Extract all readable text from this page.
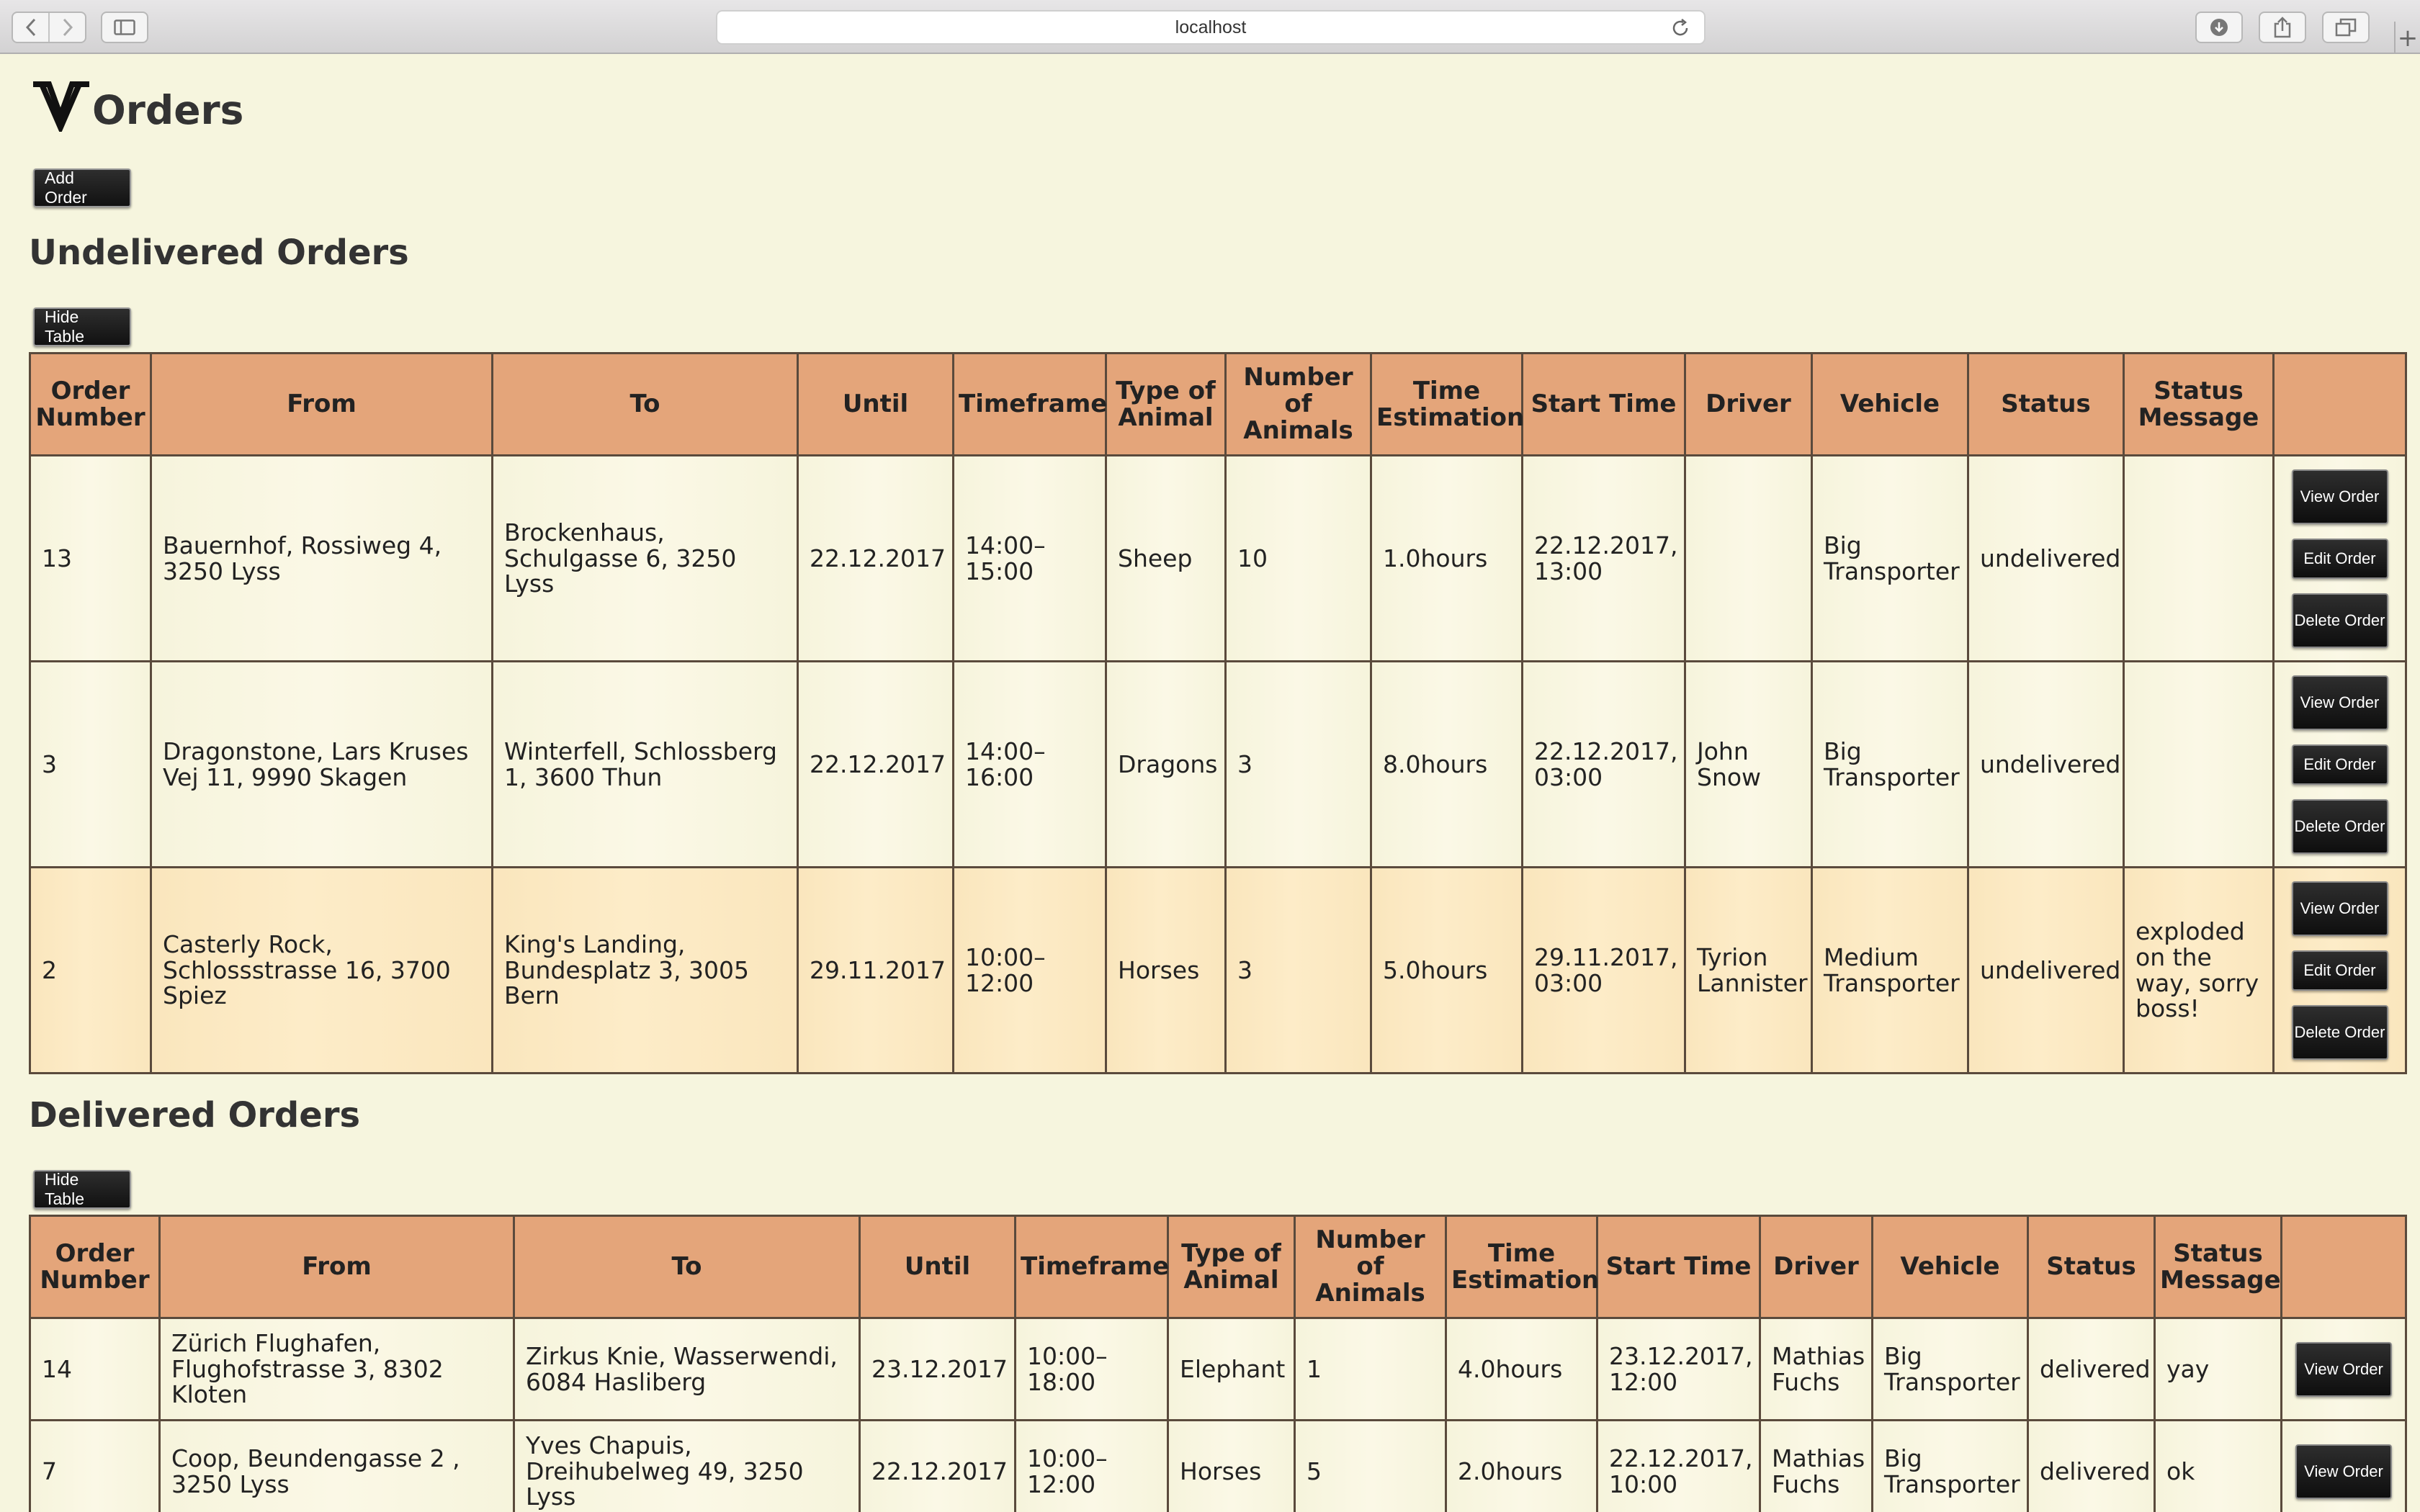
localhost	+
Orders
Add Order
Undelivered Orders
Hide Table
Order Number	From	To	Until	Timeframe	Type of Animal	Number of Animals	Time Estimation	Start Time	Driver	Vehicle	Status	Status Message	
13	Bauernhof, Rossiweg 4, 3250 Lyss	Brockenhaus, Schulgasse 6, 3250 Lyss	22.12.2017	14:00–15:00	Sheep	10	1.0hours	22.12.2017, 13:00		Big Transporter	undelivered		View Order
Edit Order
Delete Order

3	Dragonstone, Lars Kruses Vej 11, 9990 Skagen	Winterfell, Schlossberg 1, 3600 Thun	22.12.2017	14:00–16:00	Dragons	3	8.0hours	22.12.2017, 03:00	John Snow	Big Transporter	undelivered		View Order
Edit Order
Delete Order

2	Casterly Rock, Schlossstrasse 16, 3700 Spiez	King's Landing, Bundesplatz 3, 3005 Bern	29.11.2017	10:00–12:00	Horses	3	5.0hours	29.11.2017, 03:00	Tyrion Lannister	Medium Transporter	undelivered	exploded on the way, sorry boss!	View Order
Edit Order
Delete Order
Delivered Orders
Hide Table
Order Number	From	To	Until	Timeframe	Type of Animal	Number of Animals	Time Estimation	Start Time	Driver	Vehicle	Status	Status Message	
14	Zürich Flughafen, Flughofstrasse 3, 8302 Kloten	Zirkus Knie, Wasserwendi, 6084 Hasliberg	23.12.2017	10:00–18:00	Elephant	1	4.0hours	23.12.2017, 12:00	Mathias Fuchs	Big Transporter	delivered	yay	View Order

7	Coop, Beundengasse 2 , 3250 Lyss	Yves Chapuis, Dreihubelweg 49, 3250 Lyss	22.12.2017	10:00–12:00	Horses	5	2.0hours	22.12.2017, 10:00	Mathias Fuchs	Big Transporter	delivered	ok	View Order
